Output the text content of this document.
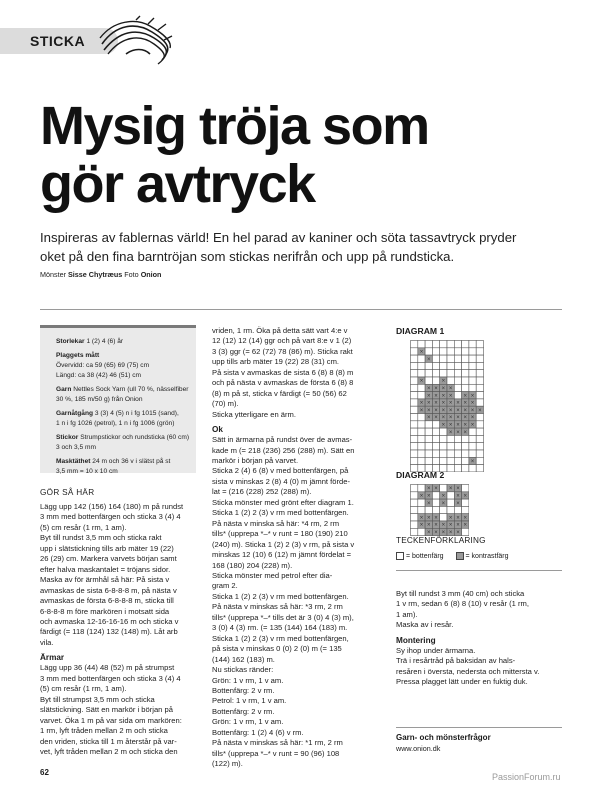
STICKA
Mysig tröja som
gör avtryck
Inspireras av fablernas värld! En hel parad av kaniner och söta tassavtryck pryder
oket på den fina barntröjan som stickas nerifrån och upp på rundsticka.
Mönster Sisse Chytræus Foto Onion
Storlekar 1 (2) 4 (6) år
Plaggets mått
Övervidd: ca 59 (65) 69 (75) cm
Längd: ca 38 (42) 46 (51) cm
Garn Nettles Sock Yarn (ull 70 %, nässelfiber
30 %, 185 m/50 g) från Onion
Garnåtgång 3 (3) 4 (5) n i fg 1015 (sand),
1 n i fg 1026 (petrol), 1 n i fg 1006 (grön)
Stickor Strumpstickor och rundsticka (60 cm)
3 och 3,5 mm
Masktäthet 24 m och 36 v i slätst på st
3,5 mm = 10 x 10 cm
GÖR SÅ HÄR
Lägg upp 142 (156) 164 (180) m på rundst
3 mm med bottenfärgen och sticka 3 (4) 4
(5) cm resår (1 rm, 1 am).
Byt till rundst 3,5 mm och sticka rakt
upp i slätstickning tills arb mäter 19 (22)
26 (29) cm. Markera varvets början samt
efter halva maskantalet = tröjans sidor.
Maska av för ärmhål så här: På sista v
avmaskas de sista 6-8-8-8 m, på nästa v
avmaskas de första 6-8-8-8 m, sticka till
6-8-8-8 m före markören i motsatt sida
och avmaska 12-16-16-16 m och sticka v
färdigt (= 118 (124) 132 (148) m). Låt arb
vila.
Ärmar
Lägg upp 36 (44) 48 (52) m på strumpst
3 mm med bottenfärgen och sticka 3 (4) 4
(5) cm resår (1 rm, 1 am).
Byt till strumpst 3,5 mm och sticka
slätstickning. Sätt en markör i början på
varvet. Öka 1 m på var sida om markören:
1 rm, lyft tråden mellan 2 m och sticka
den vriden, sticka till 1 m återstår på var-
vet, lyft tråden mellan 2 m och sticka den
vriden, 1 rm. Öka på detta sätt vart 4:e v
12 (12) 12 (14) ggr och på vart 8:e v 1 (2)
3 (3) ggr (= 62 (72) 78 (86) m). Sticka rakt
upp tills arb mäter 19 (22) 28 (31) cm.
På sista v avmaskas de sista 6 (8) 8 (8) m
och på nästa v avmaskas de första 6 (8) 8
(8) m på st, sticka v färdigt (= 50 (56) 62
(70) m).
Sticka ytterligare en ärm.
Ok
Sätt in ärmarna på rundst över de avmas-
kade m (= 218 (236) 256 (288) m). Sätt en
markör i början på varvet.
Sticka 2 (4) 6 (8) v med bottenfärgen, på
sista v minskas 2 (8) 4 (0) m jämnt förde-
lat = (216 (228) 252 (288) m).
Sticka mönster med grönt efter diagram 1.
Sticka 1 (2) 2 (3) v rm med bottenfärgen.
På nästa v minska så här: *4 rm, 2 rm
tills* (upprepa *–* v runt = 180 (190) 210
(240) m). Sticka 1 (2) 2 (3) v rm, på sista v
minskas 12 (10) 6 (12) m jämnt fördelat =
168 (180) 204 (228) m).
Sticka mönster med petrol efter dia-
gram 2.
Sticka 1 (2) 2 (3) v rm med bottenfärgen.
På nästa v minskas så här: *3 rm, 2 rm
tills* (upprepa *–* tills det är 3 (0) 4 (3) m),
3 (0) 4 (3) rm. (= 135 (144) 164 (183) m.
Sticka 1 (2) 2 (3) v rm med bottenfärgen,
på sista v minskas 0 (0) 2 (0) m (= 135
(144) 162 (183) m.
Nu stickas ränder:
Grön: 1 v rm, 1 v am.
Bottenfärg: 2 v rm.
Petrol: 1 v rm, 1 v am.
Bottenfärg: 2 v rm.
Grön: 1 v rm, 1 v am.
Bottenfärg: 1 (2) 4 (6) v rm.
På nästa v minskas så här: *1 rm, 2 rm
tills* (upprepa *–* v runt = 90 (96) 108
(122) m).
DIAGRAM 1
×
×
×	×
× × × ×
× × × × × ×
× × × × × × × ×
× × × × × × × × ×
× × × × × × ×
× × × × ×
× × ×
×
DIAGRAM 2
× × × ×
× × × × ×
× × ×
× × × × × ×
× × × × × × ×
× × × × ×
TECKENFÖRKLARING
= bottenfärg	= kontrastfärg
Byt till rundst 3 mm (40 cm) och sticka
1 v rm, sedan 6 (8) 8 (10) v resår (1 rm,
1 am).
Maska av i resår.
Montering
Sy ihop under ärmarna.
Trä i resårtråd på baksidan av hals-
resåren i översta, nedersta och mittersta v.
Pressa plagget lätt under en fuktig duk.
Garn- och mönsterfrågor
www.onion.dk
62	PassionForum.ru
